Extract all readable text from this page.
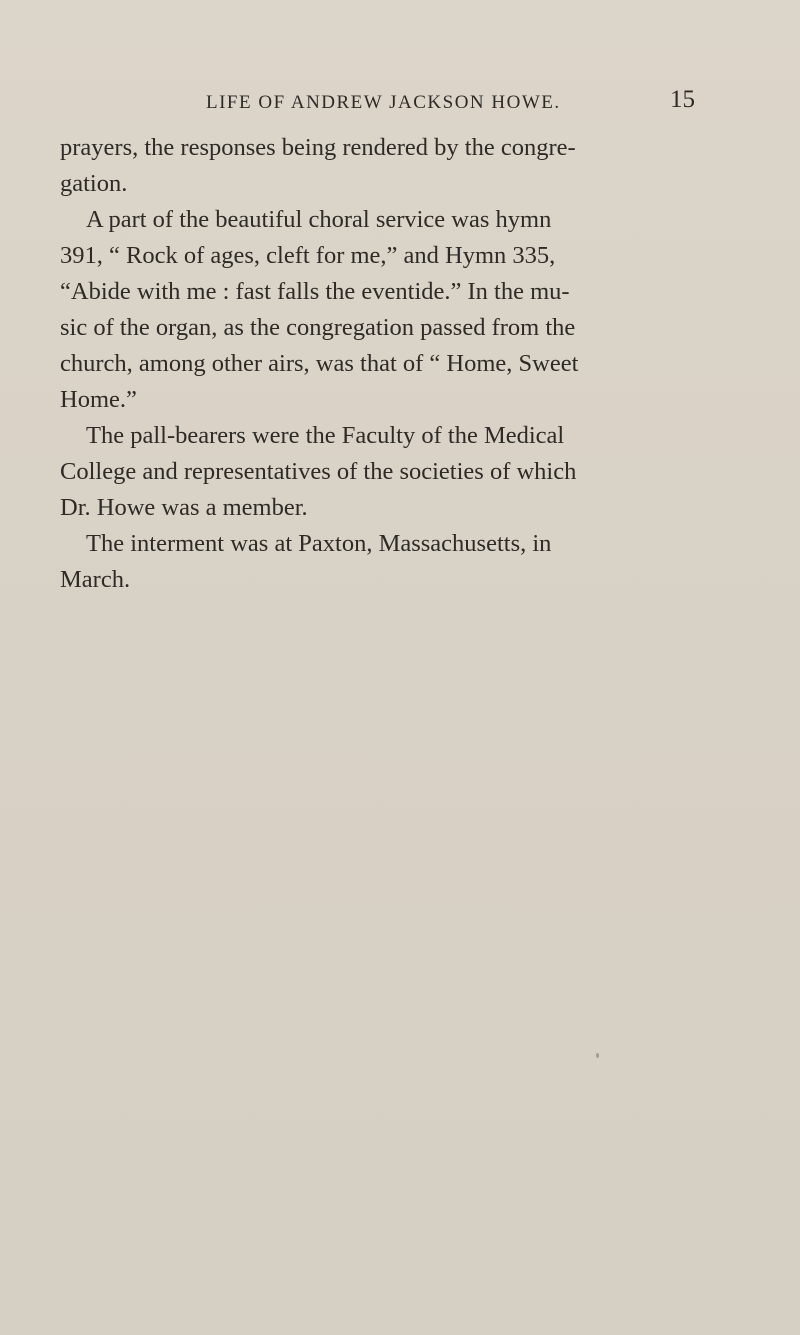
LIFE OF ANDREW JACKSON HOWE.	15

prayers, the responses being rendered by the congre-
gation.

A part of the beautiful choral service was hymn
391, “ Rock of ages, cleft for me,” and Hymn 335,
“Abide with me : fast falls the eventide.” In the mu-
sic of the organ, as the congregation passed from the
church, among other airs, was that of “ Home, Sweet
Home.”

The pall-bearers were the Faculty of the Medical
College and representatives of the societies of which
Dr. Howe was a member.

The interment was at Paxton, Massachusetts, in
March.
